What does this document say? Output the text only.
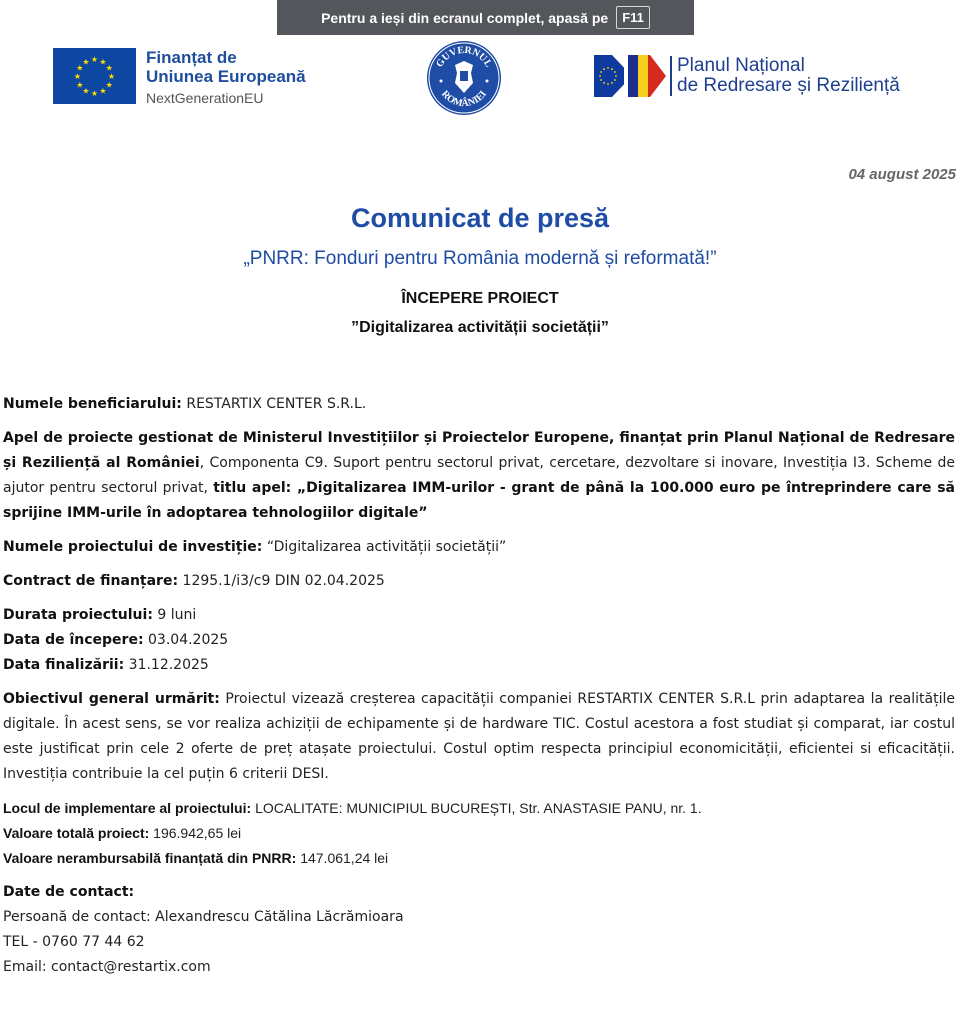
Pentru a ieși din ecranul complet, apasă pe	F11
★ ★
★
★
★
★
★
★
★
★
★
★	Finanțat de
Uniunea Europeană
NextGenerationEU
GUVERNUL
ROMÂNIEI
Planul Național
de Redresare și Reziliență
04 august 2025
Comunicat de presă
„PNRR: Fonduri pentru România modernă și reformată!”
ÎNCEPERE PROIECT
”Digitalizarea activității societății”

Numele beneficiarului: RESTARTIX CENTER S.R.L.

Apel de proiecte gestionat de Ministerul Investițiilor și Proiectelor Europene, finanțat prin Planul Național de Redresare și Reziliență al României, Componenta C9. Suport pentru sectorul privat, cercetare, dezvoltare si inovare, Investiția I3. Scheme de ajutor pentru sectorul privat, titlu apel: „Digitalizarea IMM-urilor - grant de până la 100.000 euro pe întreprindere care să sprijine IMM-urile în adoptarea tehnologiilor digitale”

Numele proiectului de investiție: “Digitalizarea activității societății”

Contract de finanțare: 1295.1/i3/c9 DIN 02.04.2025

Durata proiectului: 9 luni

Data de începere: 03.04.2025

Data finalizării: 31.12.2025

Obiectivul general urmărit: Proiectul vizează creșterea capacității companiei RESTARTIX CENTER S.R.L prin adaptarea la realitățile digitale. În acest sens, se vor realiza achiziții de echipamente și de hardware TIC. Costul acestora a fost studiat și comparat, iar costul este justificat prin cele 2 oferte de preț atașate proiectului. Costul optim respecta principiul economicității, eficientei si eficacității. Investiția contribuie la cel puțin 6 criterii DESI.

Locul de implementare al proiectului: LOCALITATE: MUNICIPIUL BUCUREȘTI, Str. ANASTASIE PANU, nr. 1.

Valoare totală proiect: 196.942,65 lei

Valoare nerambursabilă finanțată din PNRR: 147.061,24 lei

Date de contact:

Persoană de contact: Alexandrescu Cătălina Lăcrămioara

TEL - 0760 77 44 62

Email: contact@restartix.com
